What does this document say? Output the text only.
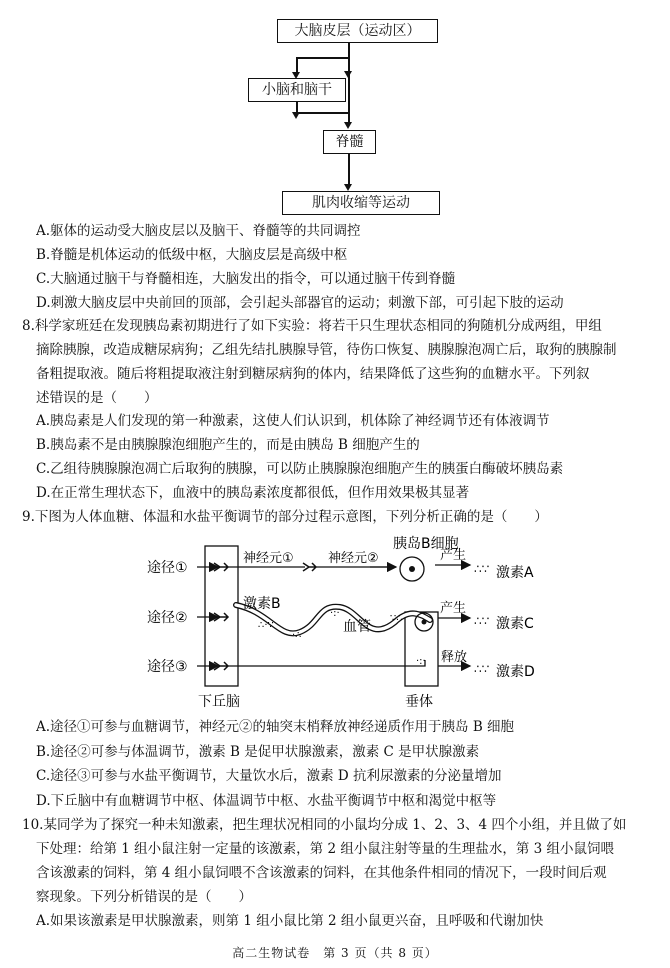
大脑皮层（运动区）
小脑和脑干
脊髓
肌肉收缩等运动
A.躯体的运动受大脑皮层以及脑干、脊髓等的共同调控
B.脊髓是机体运动的低级中枢，大脑皮层是高级中枢
C.大脑通过脑干与脊髓相连，大脑发出的指令，可以通过脑干传到脊髓
D.刺激大脑皮层中央前回的顶部，会引起头部器官的运动；刺激下部，可引起下肢的运动
8.科学家班廷在发现胰岛素初期进行了如下实验：将若干只生理状态相同的狗随机分成两组，甲组
摘除胰腺，改造成糖尿病狗；乙组先结扎胰腺导管，待伤口恢复、胰腺腺泡凋亡后，取狗的胰腺制
备粗提取液。随后将粗提取液注射到糖尿病狗的体内，结果降低了这些狗的血糖水平。下列叙
述错误的是（　　）
A.胰岛素是人们发现的第一种激素，这使人们认识到，机体除了神经调节还有体液调节
B.胰岛素不是由胰腺腺泡细胞产生的，而是由胰岛 B 细胞产生的
C.乙组待胰腺腺泡凋亡后取狗的胰腺，可以防止胰腺腺泡细胞产生的胰蛋白酶破坏胰岛素
D.在正常生理状态下，血液中的胰岛素浓度都很低，但作用效果极其显著
9.下图为人体血糖、体温和水盐平衡调节的部分过程示意图，下列分析正确的是（　　）
途径①
途径②
途径③
神经元①	神经元②
胰岛B细胞
产生
∴∵ 激素A
激素B
血管
∴·∵
·∴
·:·	∵∴
产生
∴∵ 激素C
·:· 释放
∴∵ 激素D
下丘脑	垂体
A.途径①可参与血糖调节，神经元②的轴突末梢释放神经递质作用于胰岛 B 细胞
B.途径②可参与体温调节，激素 B 是促甲状腺激素，激素 C 是甲状腺激素
C.途径③可参与水盐平衡调节，大量饮水后，激素 D 抗利尿激素的分泌量增加
D.下丘脑中有血糖调节中枢、体温调节中枢、水盐平衡调节中枢和渴觉中枢等
10.某同学为了探究一种未知激素，把生理状况相同的小鼠均分成 1、2、3、4 四个小组，并且做了如
下处理：给第 1 组小鼠注射一定量的该激素，第 2 组小鼠注射等量的生理盐水，第 3 组小鼠饲喂
含该激素的饲料，第 4 组小鼠饲喂不含该激素的饲料，在其他条件相同的情况下，一段时间后观
察现象。下列分析错误的是（　　）
A.如果该激素是甲状腺激素，则第 1 组小鼠比第 2 组小鼠更兴奋，且呼吸和代谢加快
高二生物试卷　第 3 页（共 8 页）
